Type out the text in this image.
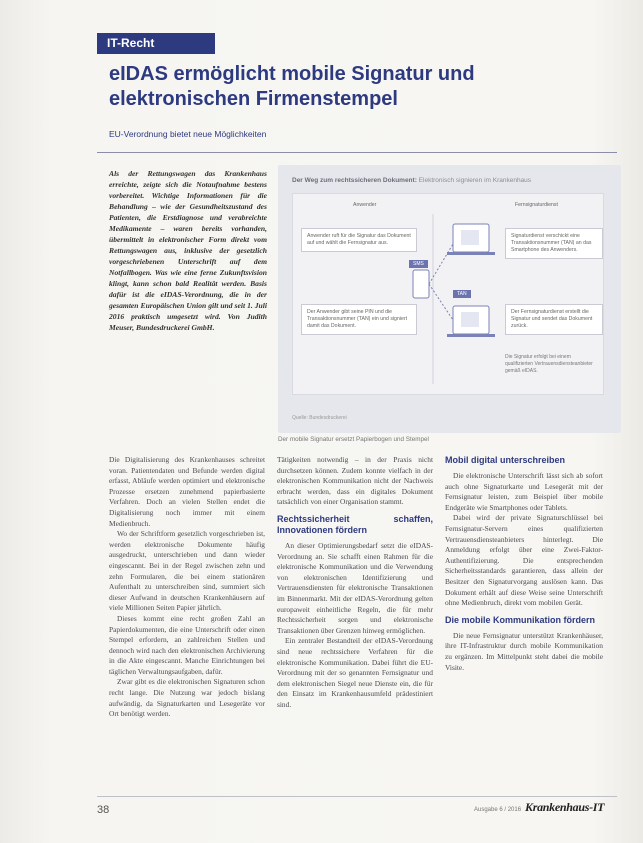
IT-Recht
eIDAS ermöglicht mobile Signatur und
elektronischen Firmenstempel
EU-Verordnung bietet neue Möglichkeiten
Als der Rettungswagen das Krankenhaus erreichte, zeigte sich die Notaufnahme bestens vorbereitet. Wichtige Informationen für die Behandlung – wie der Gesundheitszustand des Patienten, die Erstdiagnose und verabreichte Medikamente – waren bereits vorhanden, übermittelt in elektronischer Form direkt vom Rettungswagen aus, inklusive der gesetzlich vorgeschriebenen Unterschrift auf dem Notfallbogen. Was wie eine ferne Zukunftsvision klingt, kann schon bald Realität werden. Basis dafür ist die eIDAS-Verordnung, die in der gesamten Europäischen Union gilt und seit 1. Juli 2016 praktisch umgesetzt wird. Von Judith Meuser, Bundesdruckerei GmbH.
Der Weg zum rechtssicheren Dokument: Elektronisch signieren im Krankenhaus
Anwender	Fernsignaturdienst
Anwender ruft für die Signatur das Dokument auf und wählt die Fernsignatur aus.
Der Anwender gibt seine PIN und die Transaktionsnummer (TAN) ein und signiert damit das Dokument.
Signaturdienst verschickt eine Transaktionsnummer (TAN) an das Smartphone des Anwenders.
Der Fernsignaturdienst erstellt die Signatur und sendet das Dokument zurück.
SMS
TAN
Die Signatur erfolgt bei einem qualifizierten Vertrauensdiensteanbieter gemäß eIDAS.
Quelle: Bundesdruckerei
Der mobile Signatur ersetzt Papierbogen und Stempel

Die Digitalisierung des Krankenhauses schreitet voran. Patientendaten und Befunde werden digital erfasst, Abläufe werden optimiert und elektronische Prozesse ersetzen zunehmend papierbasierte Verfahren. Doch an vielen Stellen endet die Digitalisierung noch immer mit einem Medienbruch.

Wo der Schriftform gesetzlich vorgeschrieben ist, werden elektronische Dokumente häufig ausgedruckt, unterschrieben und dann wieder eingescannt. Bei in der Regel zwischen zehn und zehn Formularen, die bei einem stationären Aufenthalt zu unterschreiben sind, summiert sich dieser Aufwand in deutschen Krankenhäusern auf viele Millionen Seiten Papier jährlich.

Dieses kommt eine recht großen Zahl an Papierdokumenten, die eine Unterschrift oder einen Stempel erfordern, an zahlreichen Stellen und dennoch wird nach den elektronischen Archivierung in die Akte eingescannt. Manche Einrichtungen bei täglichen Verwaltungsaufgaben, dafür.

Zwar gibt es die elektronischen Signaturen schon recht lange. Die Nutzung war jedoch bislang aufwändig, da Signaturkarten und Lesegeräte vor Ort benötigt werden.

Tätigkeiten notwendig – in der Praxis nicht durchsetzen können. Zudem konnte vielfach in der elektronischen Kommunikation nicht der Nachweis erbracht werden, dass ein digitales Dokument tatsächlich von einer Organisation stammt.

Rechtssicherheit schaffen, Innovationen fördern

An dieser Optimierungsbedarf setzt die eIDAS-Verordnung an. Sie schafft einen Rahmen für die elektronische Kommunikation und die Verwendung von elektronischen Identifizierung und Vertrauensdiensten für elektronische Transaktionen im Binnenmarkt. Mit der eIDAS-Verordnung gelten europaweit einheitliche Regeln, die für mehr Rechtssicherheit sorgen und elektronische Transaktionen über Grenzen hinweg ermöglichen.

Ein zentraler Bestandteil der eIDAS-Verordnung sind neue rechtssichere Verfahren für die elektronische Kommunikation. Dabei führt die EU-Verordnung mit der so genannten Fernsignatur und dem elektronischen Siegel neue Dienste ein, die für den Einsatz im Krankenhausumfeld prädestiniert sind.

Mobil digital unterschreiben

Die elektronische Unterschrift lässt sich ab sofort auch ohne Signaturkarte und Lesegerät mit der Fernsignatur leisten, zum Beispiel über mobile Endgeräte wie Smartphones oder Tablets.

Dabei wird der private Signaturschlüssel bei Fernsignatur-Servern eines qualifizierten Vertrauensdiensteanbieters hinterlegt. Die Anmeldung erfolgt über eine Zwei-Faktor-Authentifizierung. Die entsprechenden Sicherheitsstandards garantieren, dass allein der Besitzer den Signaturvorgang auslösen kann. Das Dokument erhält auf diese Weise seine Unterschrift ohne Medienbruch, direkt vom mobilen Gerät.

Die mobile Kommunikation fördern

Die neue Fernsignatur unterstützt Krankenhäuser, ihre IT-Infrastruktur durch mobile Kommunikation zu ergänzen. Im Mittelpunkt steht dabei die mobile Visite.

38	Ausgabe 6 / 2016 Krankenhaus-IT
